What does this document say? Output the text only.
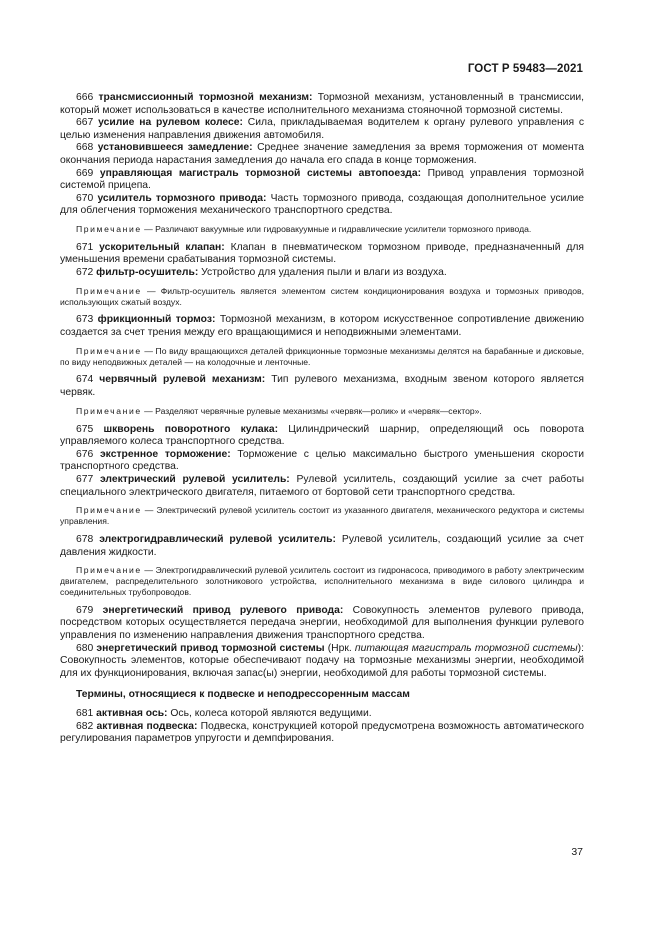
ГОСТ Р 59483—2021

666 трансмиссионный тормозной механизм: Тормозной механизм, установленный в трансмиссии, который может использоваться в качестве исполнительного механизма стояночной тормозной системы.

667 усилие на рулевом колесе: Сила, прикладываемая водителем к органу рулевого управления с целью изменения направления движения автомобиля.

668 установившееся замедление: Среднее значение замедления за время торможения от момента окончания периода нарастания замедления до начала его спада в конце торможения.

669 управляющая магистраль тормозной системы автопоезда: Привод управления тормозной системой прицепа.

670 усилитель тормозного привода: Часть тормозного привода, создающая дополнительное усилие для облегчения торможения механического транспортного средства.

Примечание — Различают вакуумные или гидровакуумные и гидравлические усилители тормозного привода.

671 ускорительный клапан: Клапан в пневматическом тормозном приводе, предназначенный для уменьшения времени срабатывания тормозной системы.

672 фильтр-осушитель: Устройство для удаления пыли и влаги из воздуха.

Примечание — Фильтр-осушитель является элементом систем кондиционирования воздуха и тормозных приводов, использующих сжатый воздух.

673 фрикционный тормоз: Тормозной механизм, в котором искусственное сопротивление движению создается за счет трения между его вращающимися и неподвижными элементами.

Примечание — По виду вращающихся деталей фрикционные тормозные механизмы делятся на барабанные и дисковые, по виду неподвижных деталей — на колодочные и ленточные.

674 червячный рулевой механизм: Тип рулевого механизма, входным звеном которого является червяк.

Примечание — Разделяют червячные рулевые механизмы «червяк—ролик» и «червяк—сектор».

675 шкворень поворотного кулака: Цилиндрический шарнир, определяющий ось поворота управляемого колеса транспортного средства.

676 экстренное торможение: Торможение с целью максимально быстрого уменьшения скорости транспортного средства.

677 электрический рулевой усилитель: Рулевой усилитель, создающий усилие за счет работы специального электрического двигателя, питаемого от бортовой сети транспортного средства.

Примечание — Электрический рулевой усилитель состоит из указанного двигателя, механического редуктора и системы управления.

678 электрогидравлический рулевой усилитель: Рулевой усилитель, создающий усилие за счет давления жидкости.

Примечание — Электрогидравлический рулевой усилитель состоит из гидронасоса, приводимого в работу электрическим двигателем, распределительного золотникового устройства, исполнительного механизма в виде силового цилиндра и соединительных трубопроводов.

679 энергетический привод рулевого привода: Совокупность элементов рулевого привода, посредством которых осуществляется передача энергии, необходимой для выполнения функции рулевого управления по изменению направления движения транспортного средства.

680 энергетический привод тормозной системы (Нрк. питающая магистраль тормозной системы): Совокупность элементов, которые обеспечивают подачу на тормозные механизмы энергии, необходимой для их функционирования, включая запас(ы) энергии, необходимой для работы тормозной системы.

Термины, относящиеся к подвеске и неподрессоренным массам

681 активная ось: Ось, колеса которой являются ведущими.

682 активная подвеска: Подвеска, конструкцией которой предусмотрена возможность автоматического регулирования параметров упругости и демпфирования.

37
